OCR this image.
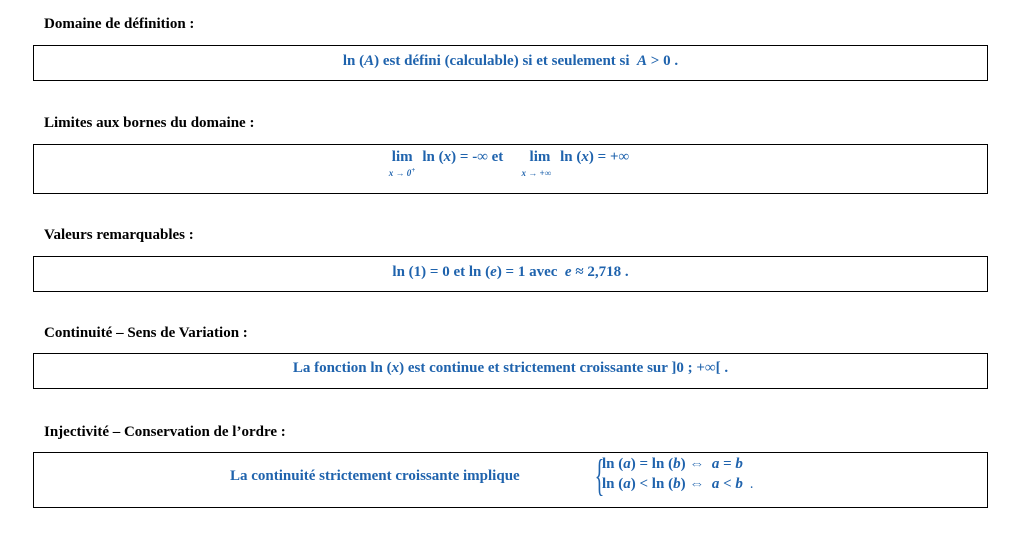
Domaine de définition :
ln (A) est défini (calculable) si et seulement si A > 0 .
Limites aux bornes du domaine :
lim
x → 0+
ln (x) = -∞ et lim
x → +∞
ln (x) = +∞
Valeurs remarquables :
ln (1) = 0 et ln (e) = 1 avec e ≈ 2,718 .
Continuité – Sens de Variation :
La fonction ln (x) est continue et strictement croissante sur ]0 ; +∞[ .
Injectivité – Conservation de l’ordre :
La continuité strictement croissante implique {
ln (a) = ln (b) ⇔ a = b
ln (a) < ln (b) ⇔ a < b .
